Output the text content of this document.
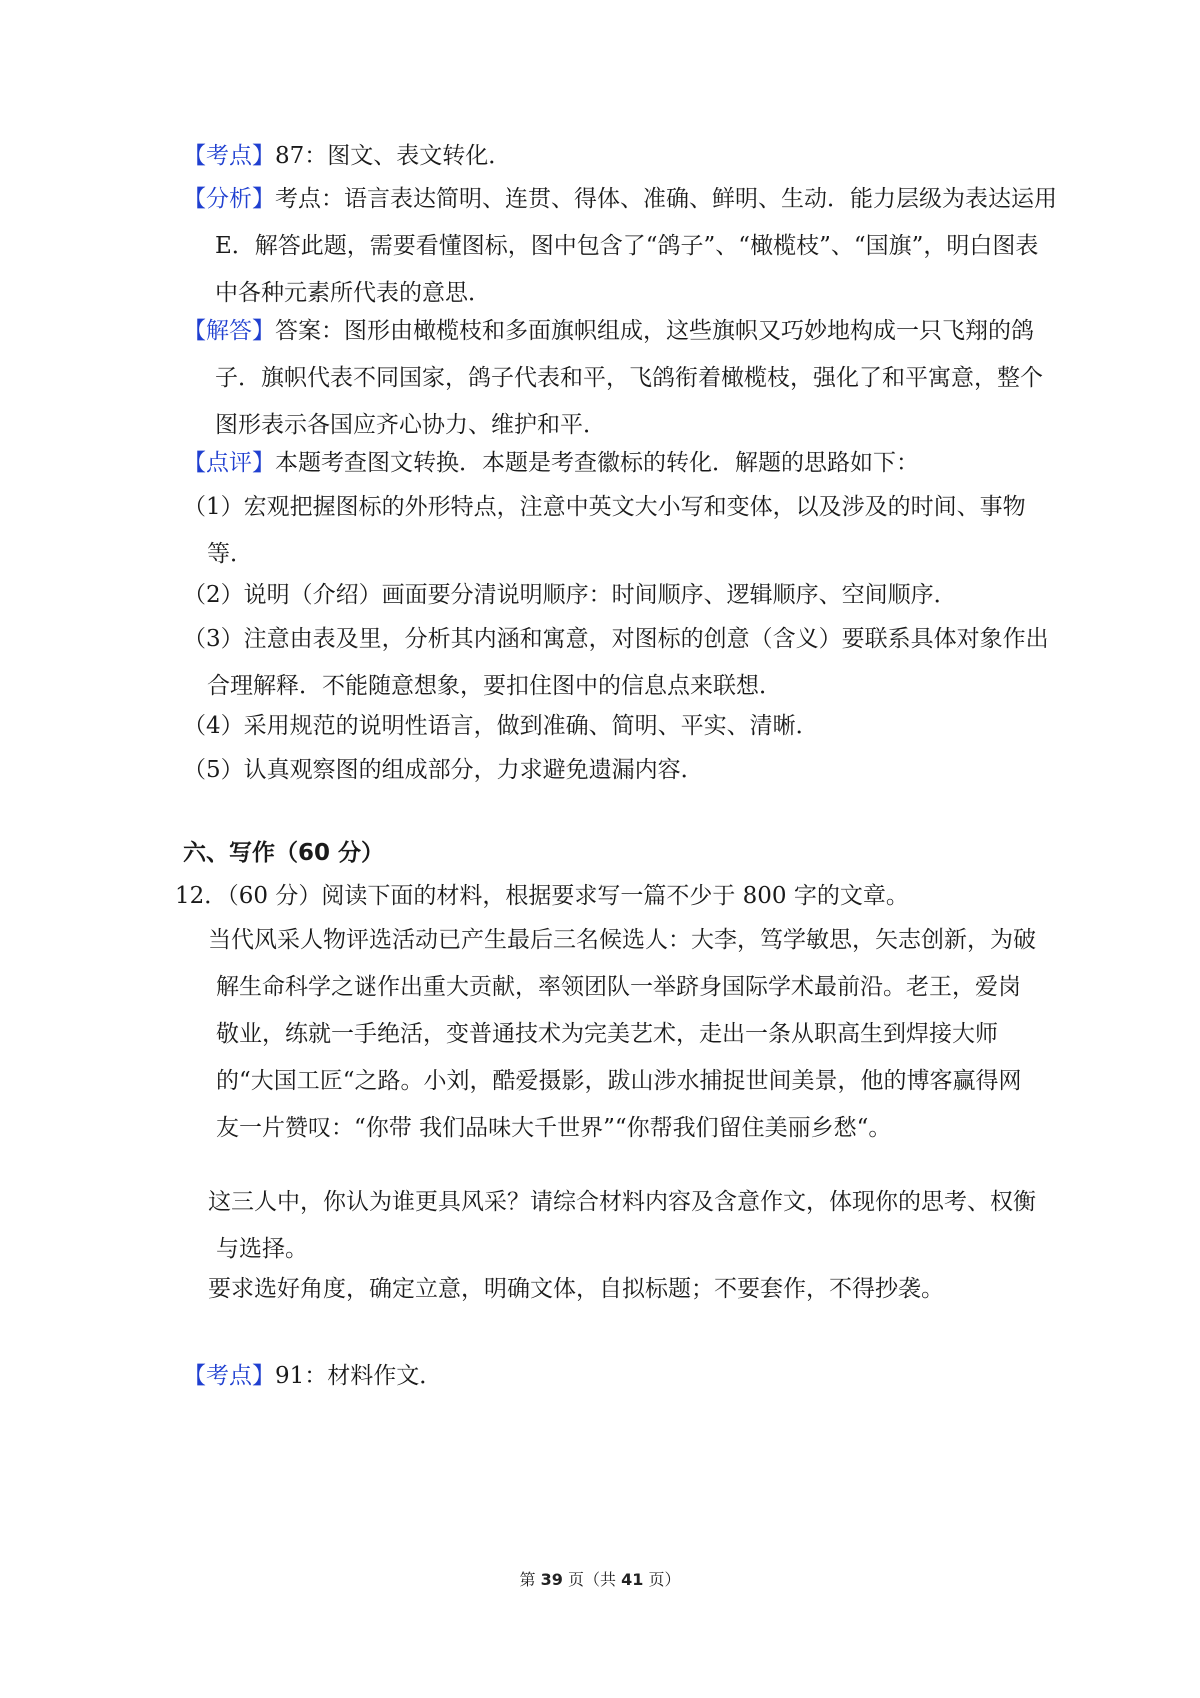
【考点】87：图文、表文转化．
【分析】考点：语言表达简明、连贯、得体、准确、鲜明、生动．能力层级为表达运用E．解答此题，需要看懂图标，图中包含了“鸽子”、“橄榄枝”、“国旗”，明白图表中各种元素所代表的意思．
【解答】答案：图形由橄榄枝和多面旗帜组成，这些旗帜又巧妙地构成一只飞翔的鸽子．旗帜代表不同国家，鸽子代表和平，飞鸽衔着橄榄枝，强化了和平寓意，整个图形表示各国应齐心协力、维护和平．
【点评】本题考查图文转换．本题是考查徽标的转化．解题的思路如下：
（1）宏观把握图标的外形特点，注意中英文大小写和变体，以及涉及的时间、事物等．
（2）说明（介绍）画面要分清说明顺序：时间顺序、逻辑顺序、空间顺序．
（3）注意由表及里，分析其内涵和寓意，对图标的创意（含义）要联系具体对象作出合理解释．不能随意想象，要扣住图中的信息点来联想．
（4）采用规范的说明性语言，做到准确、简明、平实、清晰．
（5）认真观察图的组成部分，力求避免遗漏内容．
六、写作（60 分）
12．（60 分）阅读下面的材料，根据要求写一篇不少于 800 字的文章。
当代风采人物评选活动已产生最后三名候选人：大李，笃学敏思，矢志创新，为破 解生命科学之谜作出重大贡献，率领团队一举跻身国际学术最前沿。老王，爱岗敬业，练就一手绝活，变普通技术为完美艺术，走出一条从职高生到焊接大师的“大国工匠“之路。小刘，酷爱摄影，跋山涉水捕捉世间美景，他的博客赢得网友一片赞叹：“你带 我们品味大千世界”“你帮我们留住美丽乡愁“。
这三人中，你认为谁更具风采？请综合材料内容及含意作文，体现你的思考、权衡与选择。
要求选好角度，确定立意，明确文体，自拟标题；不要套作，不得抄袭。
【考点】91：材料作文．
第 39 页（共 41 页）
